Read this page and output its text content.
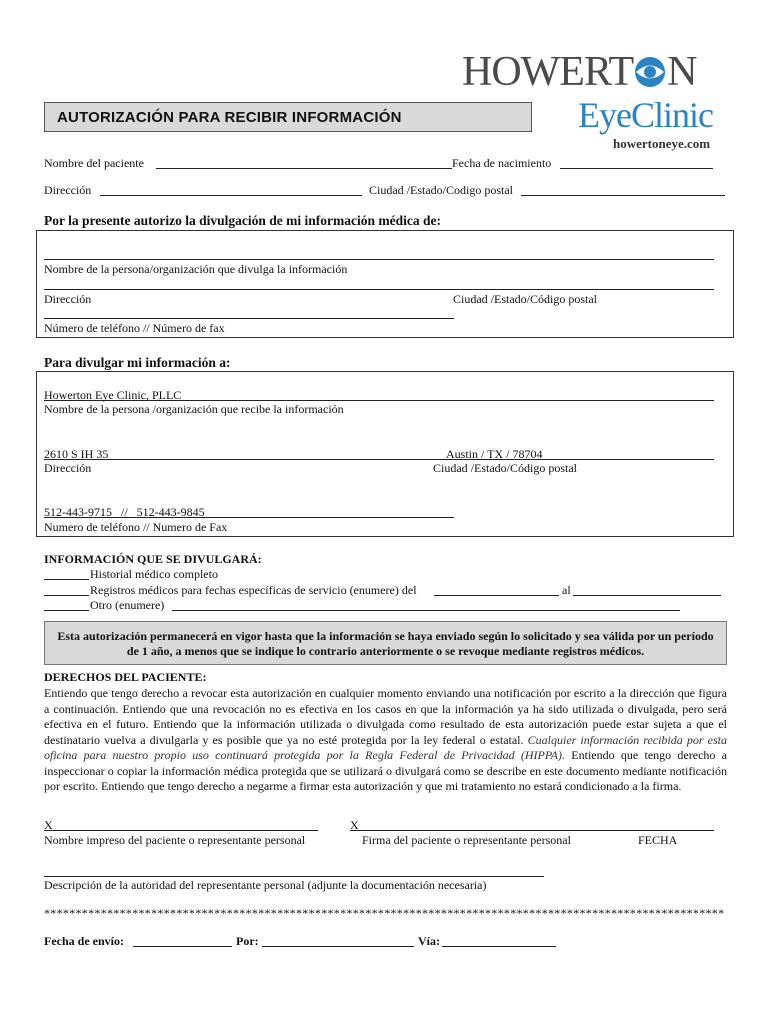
AUTORIZACIÓN PARA RECIBIR INFORMACIÓN
HOWERT N
EyeClinic
howertoneye.com
Nombre del paciente	Fecha de nacimiento
Dirección	Ciudad /Estado/Codigo postal
Por la presente autorizo la divulgación de mi información médica de:
Nombre de la persona/organización que divulga la información
Dirección	Ciudad /Estado/Código postal
Número de teléfono // Número de fax
Para divulgar mi información a:
Howerton Eye Clinic, PLLC
Nombre de la persona /organización que recibe la información
2610 S IH 35	Austin / TX / 78704
Dirección	Ciudad /Estado/Código postal
512-443-9715   //   512-443-9845
Numero de teléfono // Numero de Fax
INFORMACIÓN QUE SE DIVULGARÁ:
Historial médico completo
Registros médicos para fechas específicas de servicio (enumere) del	al
Otro (enumere)

Esta autorización permanecerá en vigor hasta que la información se haya enviado según lo solicitado y sea válida por un período de 1 año, a menos que se indique lo contrario anteriormente o se revoque mediante registros médicos.

DERECHOS DEL PACIENTE:
Entiendo que tengo derecho a revocar esta autorización en cualquier momento enviando una notificación por escrito a la dirección que figura a continuación. Entiendo que una revocación no es efectiva en los casos en que la información ya ha sido utilizada o divulgada, pero será efectiva en el futuro. Entiendo que la información utilizada o divulgada como resultado de esta autorización puede estar sujeta a que el destinatario vuelva a divulgarla y es posible que ya no esté protegida por la ley federal o estatal. Cualquier información recibida por esta oficina para nuestro propio uso continuará protegida por la Regla Federal de Privacidad (HIPPA). Entiendo que tengo derecho a inspeccionar o copiar la información médica protegida que se utilizará o divulgará como se describe en este documento mediante notificación por escrito. Entiendo que tengo derecho a negarme a firmar esta autorización y que mi tratamiento no estará condicionado a la firma.
X
Nombre impreso del paciente o representante personal
X
Firma del paciente o representante personal	FECHA
Descripción de la autoridad del representante personal (adjunte la documentación necesaria)
************************************************************************************************************
Fecha de envío:	Por:	Vía:
